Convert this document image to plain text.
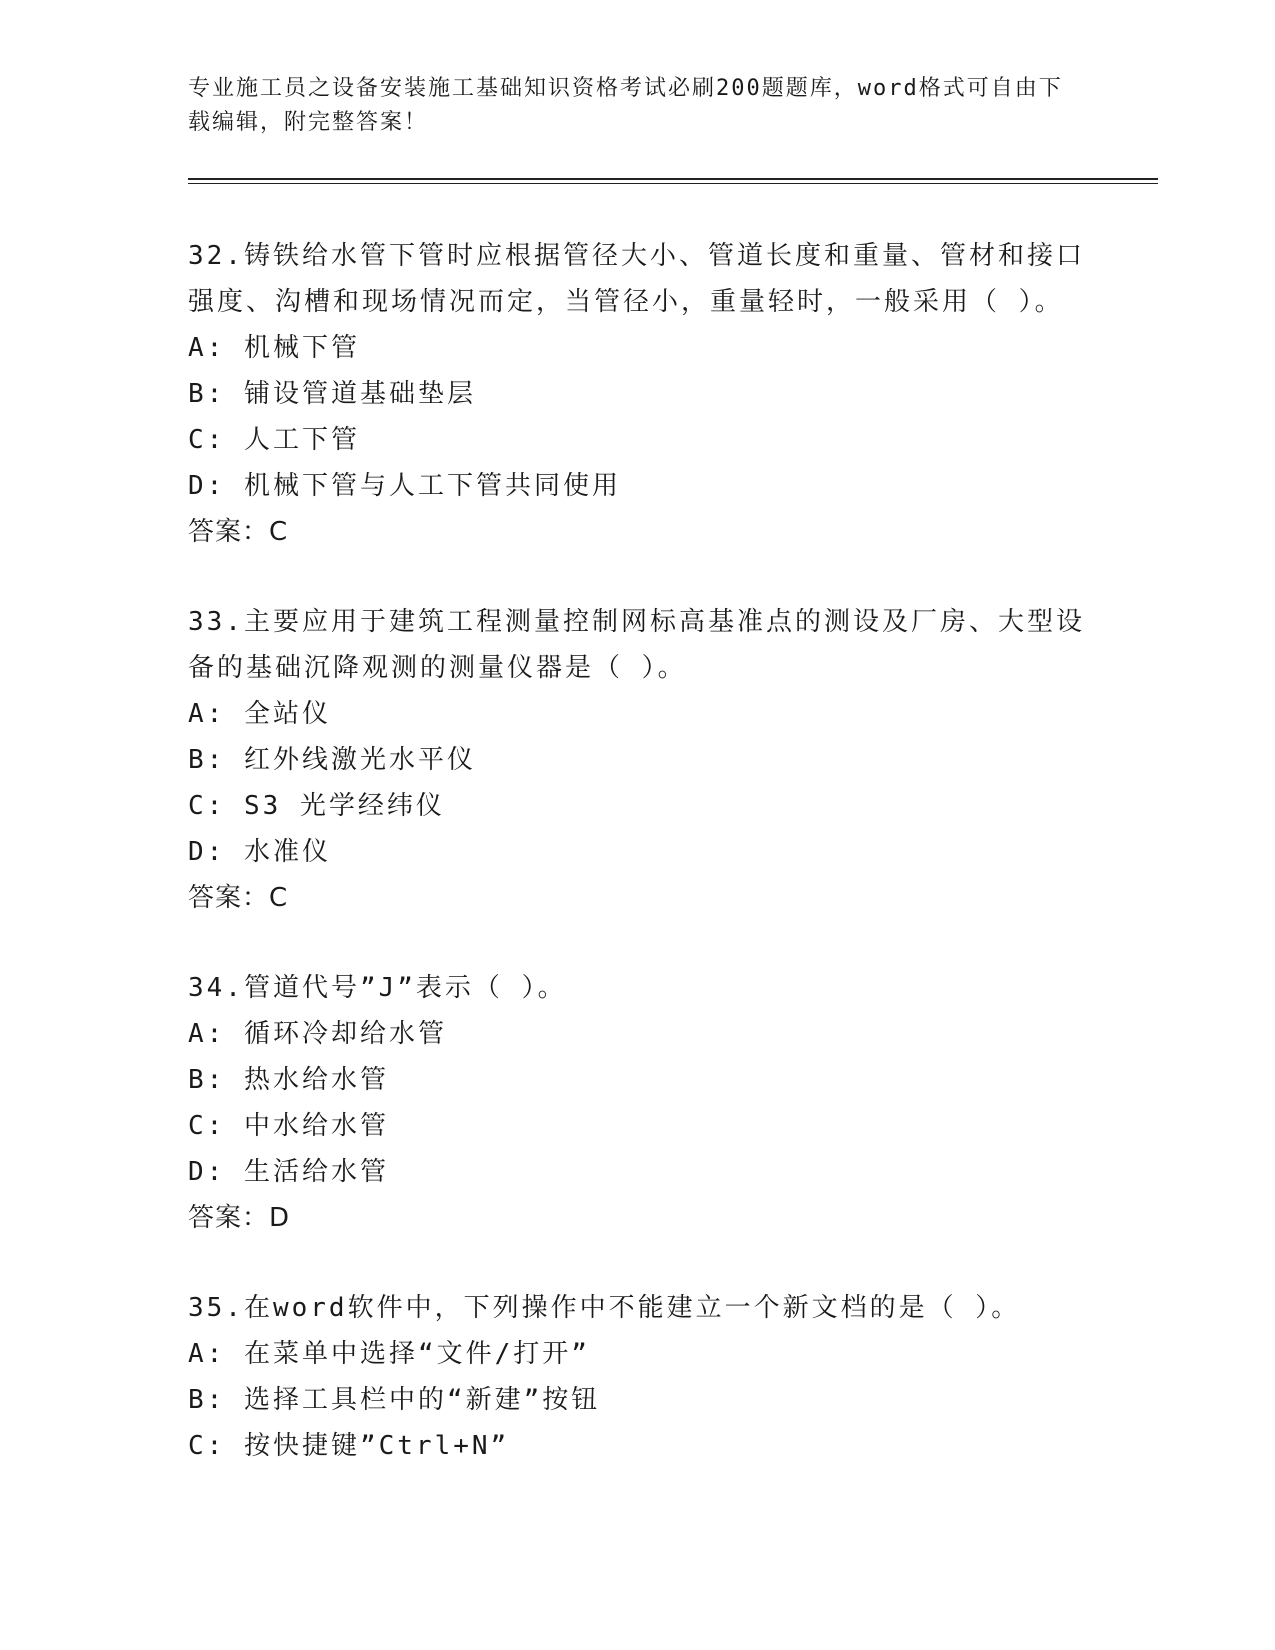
专业施工员之设备安装施工基础知识资格考试必刷200题题库，word格式可自由下载编辑，附完整答案！

32.铸铁给水管下管时应根据管径大小、管道长度和重量、管材和接口强度、沟槽和现场情况而定，当管径小，重量轻时，一般采用（ ）。

A: 机械下管

B: 铺设管道基础垫层

C: 人工下管

D: 机械下管与人工下管共同使用

答案：C

33.主要应用于建筑工程测量控制网标高基准点的测设及厂房、大型设备的基础沉降观测的测量仪器是（ ）。

A: 全站仪

B: 红外线激光水平仪

C: S3 光学经纬仪

D: 水准仪

答案：C

34.管道代号”J”表示（ ）。

A: 循环冷却给水管

B: 热水给水管

C: 中水给水管

D: 生活给水管

答案：D

35.在word软件中，下列操作中不能建立一个新文档的是（ ）。

A: 在菜单中选择“文件/打开”

B: 选择工具栏中的“新建”按钮

C: 按快捷键”Ctrl+N”
